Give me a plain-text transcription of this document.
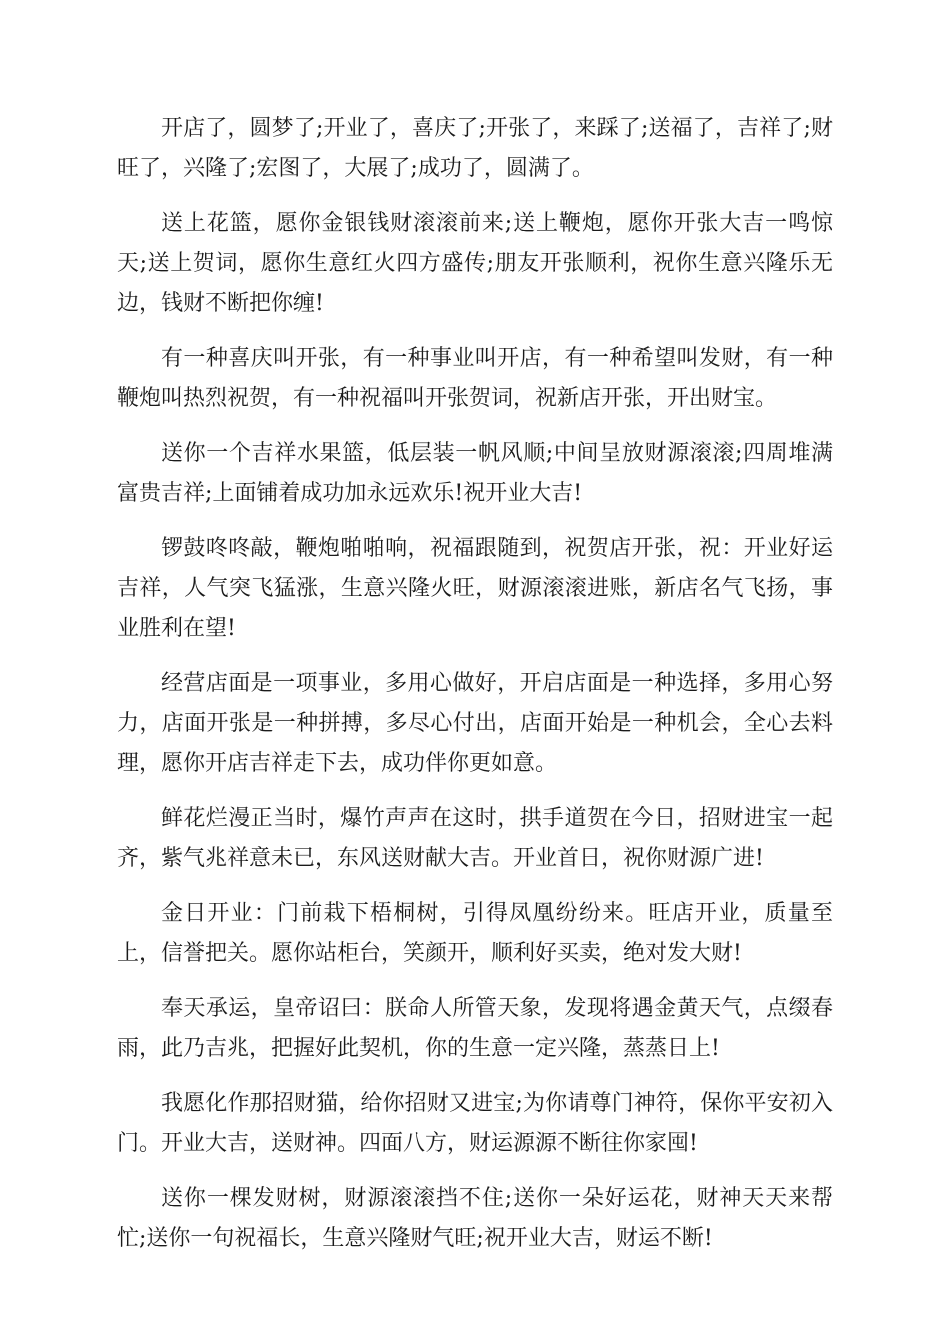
开店了，圆梦了;开业了，喜庆了;开张了，来踩了;送福了，吉祥了;财旺了，兴隆了;宏图了，大展了;成功了，圆满了。

送上花篮，愿你金银钱财滚滚前来;送上鞭炮，愿你开张大吉一鸣惊天;送上贺词，愿你生意红火四方盛传;朋友开张顺利，祝你生意兴隆乐无边，钱财不断把你缠!

有一种喜庆叫开张，有一种事业叫开店，有一种希望叫发财，有一种鞭炮叫热烈祝贺，有一种祝福叫开张贺词，祝新店开张，开出财宝。

送你一个吉祥水果篮，低层装一帆风顺;中间呈放财源滚滚;四周堆满富贵吉祥;上面铺着成功加永远欢乐!祝开业大吉!

锣鼓咚咚敲，鞭炮啪啪响，祝福跟随到，祝贺店开张，祝：开业好运吉祥，人气突飞猛涨，生意兴隆火旺，财源滚滚进账，新店名气飞扬，事业胜利在望!

经营店面是一项事业，多用心做好，开启店面是一种选择，多用心努力，店面开张是一种拼搏，多尽心付出，店面开始是一种机会，全心去料理，愿你开店吉祥走下去，成功伴你更如意。

鲜花烂漫正当时，爆竹声声在这时，拱手道贺在今日，招财进宝一起齐，紫气兆祥意未已，东风送财献大吉。开业首日，祝你财源广进!

金日开业：门前栽下梧桐树，引得凤凰纷纷来。旺店开业，质量至上，信誉把关。愿你站柜台，笑颜开，顺利好买卖，绝对发大财!

奉天承运，皇帝诏曰：朕命人所管天象，发现将遇金黄天气，点缀春雨，此乃吉兆，把握好此契机，你的生意一定兴隆，蒸蒸日上!

我愿化作那招财猫，给你招财又进宝;为你请尊门神符，保你平安初入门。开业大吉，送财神。四面八方，财运源源不断往你家囤!

送你一棵发财树，财源滚滚挡不住;送你一朵好运花，财神天天来帮忙;送你一句祝福长，生意兴隆财气旺;祝开业大吉，财运不断!
